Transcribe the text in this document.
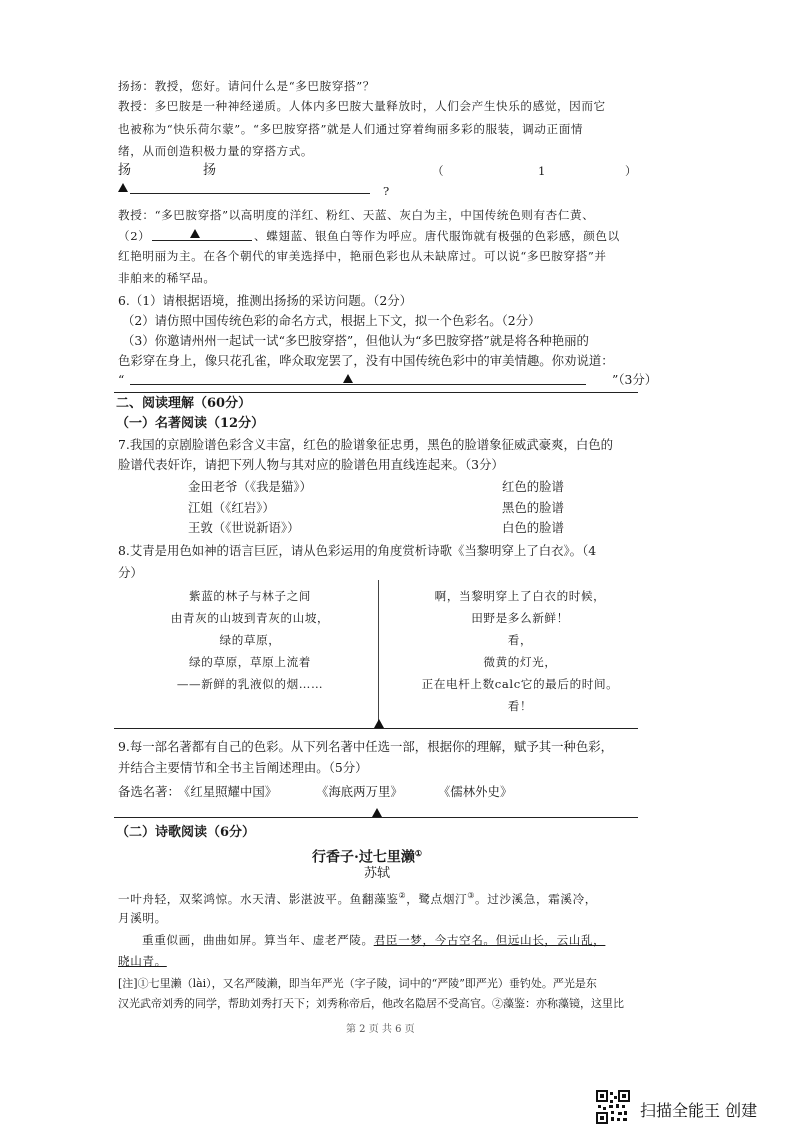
扬扬：教授，您好。请问什么是“多巴胺穿搭”？
教授：多巴胺是一种神经递质。人体内多巴胺大量释放时，人们会产生快乐的感觉，因而它
也被称为“快乐荷尔蒙”。“多巴胺穿搭”就是人们通过穿着绚丽多彩的服装，调动正面情
绪，从而创造积极力量的穿搭方式。
扬	扬	（	1	）
?
教授：“多巴胺穿搭”以高明度的洋红、粉红、天蓝、灰白为主，中国传统色则有杏仁黄、
（2）	、蝶翅蓝、银鱼白等作为呼应。唐代服饰就有极强的色彩感，颜色以
红艳明丽为主。在各个朝代的审美选择中，艳丽色彩也从未缺席过。可以说“多巴胺穿搭”并
非舶来的稀罕品。
6.（1）请根据语境，推测出扬扬的采访问题。（2分）
（2）请仿照中国传统色彩的命名方式，根据上下文，拟一个色彩名。（2分）
（3）你邀请州州一起试一试“多巴胺穿搭”，但他认为“多巴胺穿搭”就是将各种艳丽的
色彩穿在身上，像只花孔雀，哗众取宠罢了，没有中国传统色彩中的审美情趣。你劝说道：
“	”（3分）
二、阅读理解（60分）
（一）名著阅读（12分）
7.我国的京剧脸谱色彩含义丰富，红色的脸谱象征忠勇，黑色的脸谱象征威武豪爽，白色的
脸谱代表奸诈，请把下列人物与其对应的脸谱色用直线连起来。（3分）
金田老爷（《我是猫》）
江姐（《红岩》）
王敦（《世说新语》）
红色的脸谱
黑色的脸谱
白色的脸谱
8.艾青是用色如神的语言巨匠，请从色彩运用的角度赏析诗歌《当黎明穿上了白衣》。（4
分）
紫蓝的林子与林子之间
由青灰的山坡到青灰的山坡，
绿的草原，
绿的草原，草原上流着
——新鲜的乳液似的烟……
啊，当黎明穿上了白衣的时候，
田野是多么新鲜！
看，
微黄的灯光，
正在电杆上数calc它的最后的时间。
看！
9.每一部名著都有自己的色彩。从下列名著中任选一部，根据你的理解，赋予其一种色彩，
并结合主要情节和全书主旨阐述理由。（5分）
备选名著：
《红星照耀中国》	《海底两万里》	《儒林外史》
（二）诗歌阅读（6分）
行香子·过七里濑①
苏轼
一叶舟轻，双桨鸿惊。水天清、影湛波平。鱼翻藻鉴②，鹭点烟汀③。过沙溪急，霜溪冷，
月溪明。
重重似画，曲曲如屏。算当年、虚老严陵。君臣一梦，今古空名。但远山长，云山乱，
晓山青。
[注]①七里濑（lài），又名严陵濑，即当年严光（字子陵，词中的“严陵”即严光）垂钓处。严光是东
汉光武帝刘秀的同学，帮助刘秀打天下；刘秀称帝后，他改名隐居不受高官。②藻鉴：亦称藻镜，这里比
第 2 页 共 6 页
扫描全能王 创建
